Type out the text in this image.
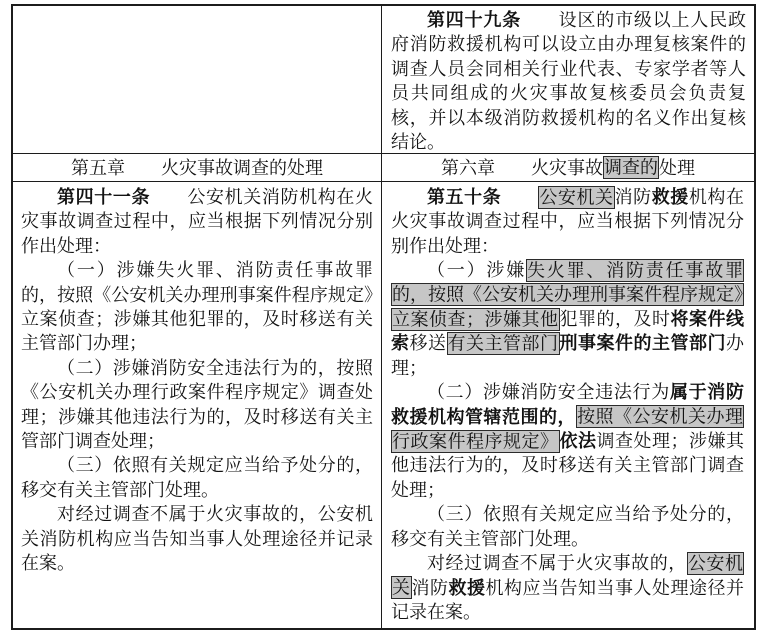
第四十九条　　设区的市级以上人民政府消防救援机构可以设立由办理复核案件的调查人员会同相关行业代表、专家学者等人员共同组成的火灾事故复核委员会负责复核，并以本级消防救援机构的名义作出复核结论。

第五章　　火灾事故调查的处理	第六章　　火灾事故调查的处理

第四十一条　　公安机关消防机构在火灾事故调查过程中，应当根据下列情况分别作出处理：

（一）涉嫌失火罪、消防责任事故罪的，按照《公安机关办理刑事案件程序规定》立案侦查；涉嫌其他犯罪的，及时移送有关主管部门办理；

（二）涉嫌消防安全违法行为的，按照《公安机关办理行政案件程序规定》调查处理；涉嫌其他违法行为的，及时移送有关主管部门调查处理；

（三）依照有关规定应当给予处分的，移交有关主管部门处理。

对经过调查不属于火灾事故的，公安机关消防机构应当告知当事人处理途径并记录在案。

第五十条　　 公安机关消防救援机构在火灾事故调查过程中，应当根据下列情况分别作出处理：

（一）涉嫌失火罪、消防责任事故罪的，按照《公安机关办理刑事案件程序规定》立案侦查；涉嫌其他犯罪的，及时将案件线索移送有关主管部门刑事案件的主管部门办理；

（二）涉嫌消防安全违法行为属于消防救援机构管辖范围的，按照《公安机关办理行政案件程序规定》依法调查处理；涉嫌其他违法行为的，及时移送有关主管部门调查处理；

（三）依照有关规定应当给予处分的，移交有关主管部门处理。

对经过调查不属于火灾事故的，公安机关消防救援机构应当告知当事人处理途径并记录在案。
